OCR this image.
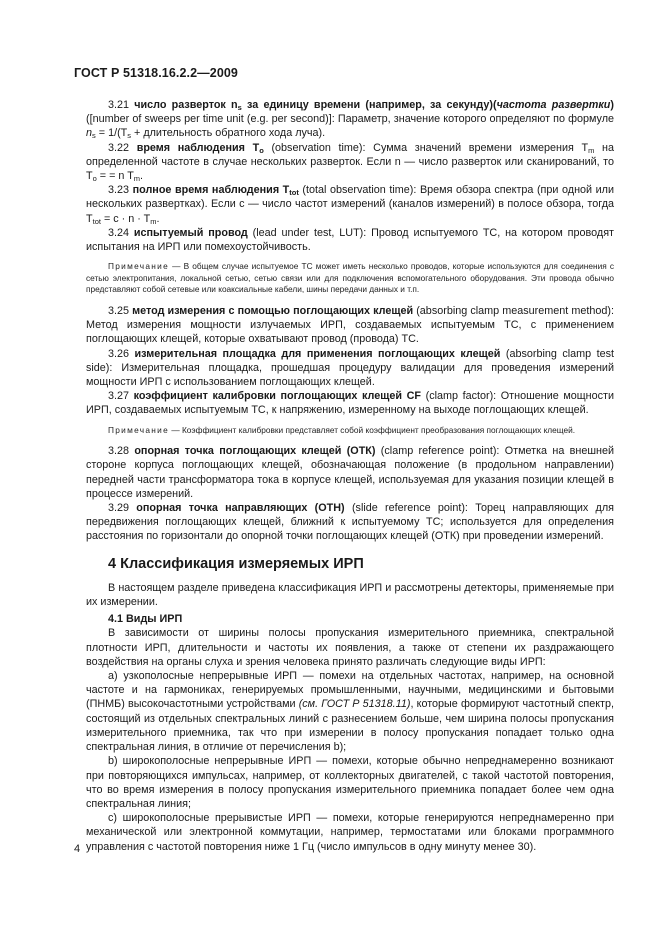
ГОСТ Р 51318.16.2.2—2009

3.21 число разверток $n_s$ за единицу времени (например, за секунду)(частота развертки) ([number of sweeps per time unit (e.g. per second)]: Параметр, значение которого определяют по формуле $n_s = 1/(T_s$ + длительность обратного хода луча).

3.22 время наблюдения $T_o$ (observation time): Сумма значений времени измерения $T_m$ на определенной частоте в случае нескольких разверток. Если n — число разверток или сканирований, то $T_o$ = = n $T_m$.

3.23 полное время наблюдения $T_{tot}$ (total observation time): Время обзора спектра (при одной или нескольких развертках). Если c — число частот измерений (каналов измерений) в полосе обзора, тогда $T_{tot} = c \cdot n \cdot T_m$.

3.24 испытуемый провод (lead under test, LUT): Провод испытуемого ТС, на котором проводят испытания на ИРП или помехоустойчивость.

Примечание — В общем случае испытуемое ТС может иметь несколько проводов, которые используются для соединения с сетью электропитания, локальной сетью, сетью связи или для подключения вспомогательного оборудования. Эти провода обычно представляют собой сетевые или коаксиальные кабели, шины передачи данных и т.п.

3.25 метод измерения с помощью поглощающих клещей (absorbing clamp measurement method): Метод измерения мощности излучаемых ИРП, создаваемых испытуемым ТС, с применением поглощающих клещей, которые охватывают провод (провода) ТС.

3.26 измерительная площадка для применения поглощающих клещей (absorbing clamp test side): Измерительная площадка, прошедшая процедуру валидации для проведения измерений мощности ИРП с использованием поглощающих клещей.

3.27 коэффициент калибровки поглощающих клещей CF (clamp factor): Отношение мощности ИРП, создаваемых испытуемым ТС, к напряжению, измеренному на выходе поглощающих клещей.

Примечание — Коэффициент калибровки представляет собой коэффициент преобразования поглощающих клещей.

3.28 опорная точка поглощающих клещей (ОТК) (clamp reference point): Отметка на внешней стороне корпуса поглощающих клещей, обозначающая положение (в продольном направлении) передней части трансформатора тока в корпусе клещей, используемая для указания позиции клещей в процессе измерений.

3.29 опорная точка направляющих (ОТН) (slide reference point): Торец направляющих для передвижения поглощающих клещей, ближний к испытуемому ТС; используется для определения расстояния по горизонтали до опорной точки поглощающих клещей (ОТК) при проведении измерений.

4 Классификация измеряемых ИРП

В настоящем разделе приведена классификация ИРП и рассмотрены детекторы, применяемые при их измерении.

4.1 Виды ИРП

В зависимости от ширины полосы пропускания измерительного приемника, спектральной плотности ИРП, длительности и частоты их появления, а также от степени их раздражающего воздействия на органы слуха и зрения человека принято различать следующие виды ИРП:

а) узкополосные непрерывные ИРП — помехи на отдельных частотах, например, на основной частоте и на гармониках, генерируемых промышленными, научными, медицинскими и бытовыми (ПНМБ) высокочастотными устройствами (см. ГОСТ Р 51318.11), которые формируют частотный спектр, состоящий из отдельных спектральных линий с разнесением больше, чем ширина полосы пропускания измерительного приемника, так что при измерении в полосу пропускания попадает только одна спектральная линия, в отличие от перечисления b);

b) широкополосные непрерывные ИРП — помехи, которые обычно непреднамеренно возникают при повторяющихся импульсах, например, от коллекторных двигателей, с такой частотой повторения, что во время измерения в полосу пропускания измерительного приемника попадает более чем одна спектральная линия;

c) широкополосные прерывистые ИРП — помехи, которые генерируются непреднамеренно при механической или электронной коммутации, например, термостатами или блоками программного управления с частотой повторения ниже 1 Гц (число импульсов в одну минуту менее 30).

4
